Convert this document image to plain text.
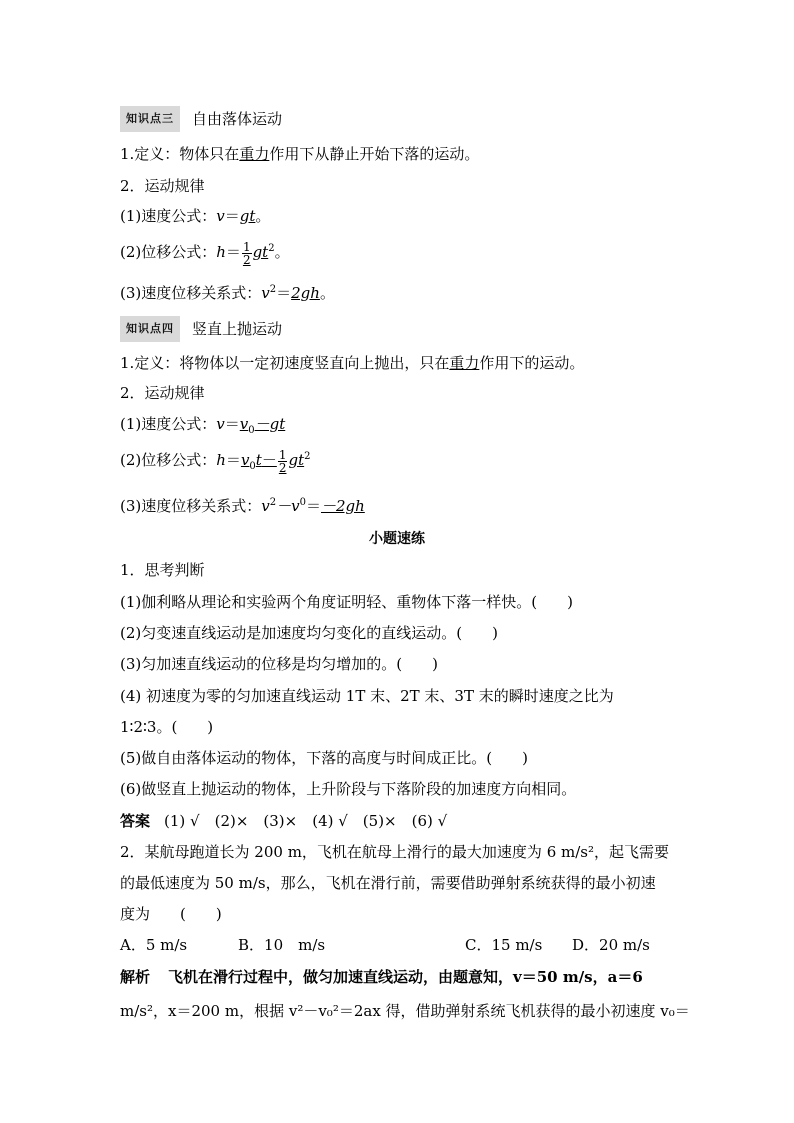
知识点三 自由落体运动
1.定义：物体只在重力作用下从静止开始下落的运动。
2．运动规律
(1)速度公式：v＝gt。
(2)位移公式：$h= \frac{1}{2} gt^2$。
(3)速度位移关系式：$v^2=2gh$。
知识点四 竖直上抛运动
1.定义：将物体以一定初速度竖直向上抛出，只在重力作用下的运动。
2．运动规律
(1)速度公式：$v=v_0-gt$
(2)位移公式：$h=v_0t- \frac{1}{2} gt^2$
(3)速度位移关系式：$v^2-v^0=-2gh$
小题速练
1．思考判断
(1)伽利略从理论和实验两个角度证明轻、重物体下落一样快。(　　)
(2)匀变速直线运动是加速度均匀变化的直线运动。(　　)
(3)匀加速直线运动的位移是均匀增加的。(　　)
(4) 初速度为零的匀加速直线运动 1T 末、2T 末、3T 末的瞬时速度之比为
1∶2∶3。(　　)
(5)做自由落体运动的物体，下落的高度与时间成正比。(　　)
(6)做竖直上抛运动的物体，上升阶段与下落阶段的加速度方向相同。
答案 (1) √　(2)×　(3)×　(4) √　(5)×　(6) √
2．某航母跑道长为 200 m，飞机在航母上滑行的最大加速度为 6 m/s²，起飞需要
的最低速度为 50 m/s，那么，飞机在滑行前，需要借助弹射系统获得的最小初速
度为　　(　　)
A．5 m/s	B．10　m/s	C．15 m/s D．20 m/s
解析 飞机在滑行过程中，做匀加速直线运动，由题意知，v＝50 m/s，a＝6
m/s²，x＝200 m，根据 v²－v₀²＝2ax 得，借助弹射系统飞机获得的最小初速度 v₀＝
